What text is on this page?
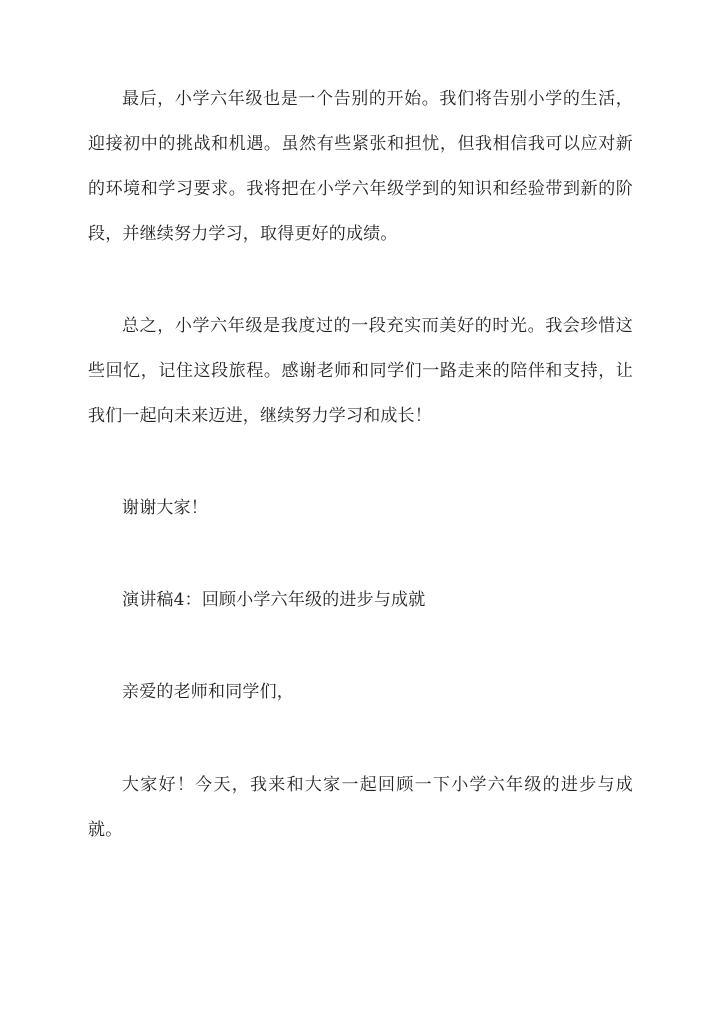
最后，小学六年级也是一个告别的开始。我们将告别小学的生活，迎接初中的挑战和机遇。虽然有些紧张和担忧，但我相信我可以应对新的环境和学习要求。我将把在小学六年级学到的知识和经验带到新的阶段，并继续努力学习，取得更好的成绩。

总之，小学六年级是我度过的一段充实而美好的时光。我会珍惜这些回忆，记住这段旅程。感谢老师和同学们一路走来的陪伴和支持，让我们一起向未来迈进，继续努力学习和成长！

谢谢大家！

演讲稿4：回顾小学六年级的进步与成就

亲爱的老师和同学们，

大家好！今天，我来和大家一起回顾一下小学六年级的进步与成就。
